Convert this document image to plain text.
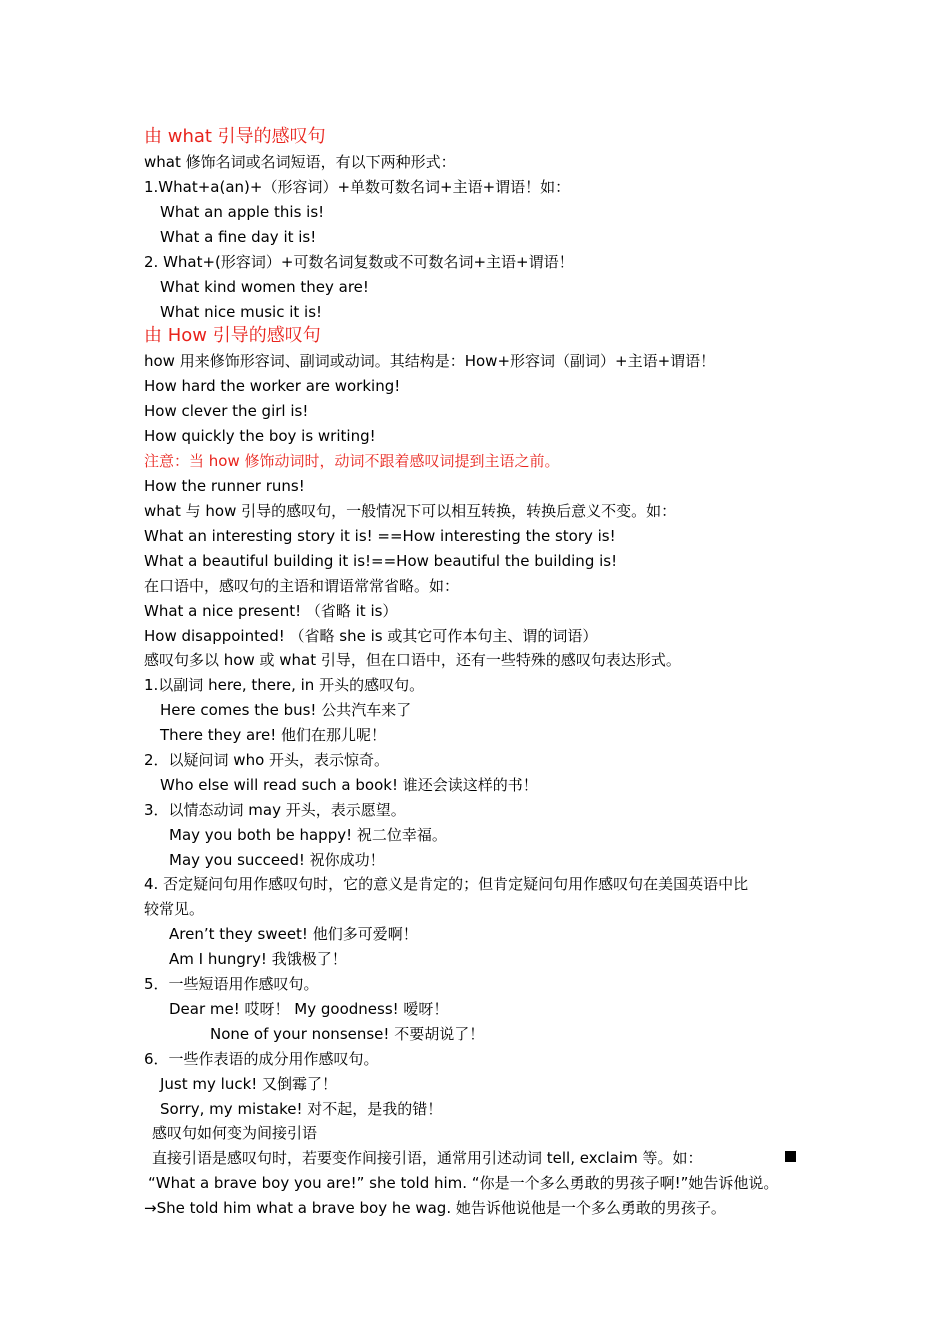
由 what 引导的感叹句
what 修饰名词或名词短语，有以下两种形式：
1.What+a(an)+（形容词）+单数可数名词+主语+谓语！如：
What an apple this is!
What a fine day it is!
2. What+(形容词）+可数名词复数或不可数名词+主语+谓语！
What kind women they are!
What nice music it is!
由 How 引导的感叹句
how 用来修饰形容词、副词或动词。其结构是：How+形容词（副词）+主语+谓语！
How hard the worker are working!
How clever the girl is!
How quickly the boy is writing!
注意：当 how 修饰动词时，动词不跟着感叹词提到主语之前。
How the runner runs!
what 与 how 引导的感叹句，一般情况下可以相互转换，转换后意义不变。如：
What an interesting story it is! ==How interesting the story is!
What a beautiful building it is!==How beautiful the building is!
在口语中，感叹句的主语和谓语常常省略。如：
What a nice present! （省略 it is）
How disappointed! （省略 she is 或其它可作本句主、谓的词语）
感叹句多以 how 或 what 引导，但在口语中，还有一些特殊的感叹句表达形式。
1.以副词 here, there, in 开头的感叹句。
Here comes the bus! 公共汽车来了
There they are! 他们在那儿呢！
2．以疑问词 who 开头，表示惊奇。
Who else will read such a book! 谁还会读这样的书！
3．以情态动词 may 开头，表示愿望。
May you both be happy! 祝二位幸福。
May you succeed! 祝你成功！
4. 否定疑问句用作感叹句时，它的意义是肯定的；但肯定疑问句用作感叹句在美国英语中比
较常见。
Aren’t they sweet! 他们多可爱啊！
Am I hungry! 我饿极了！
5．一些短语用作感叹句。
Dear me! 哎呀！ My goodness! 嗳呀！
None of your nonsense! 不要胡说了！
6．一些作表语的成分用作感叹句。
Just my luck! 又倒霉了！
Sorry, my mistake! 对不起，是我的错！
感叹句如何变为间接引语
直接引语是感叹句时，若要变作间接引语，通常用引述动词 tell, exclaim 等。如：
“What a brave boy you are!” she told him. “你是一个多么勇敢的男孩子啊!”她告诉他说。
→She told him what a brave boy he wag. 她告诉他说他是一个多么勇敢的男孩子。
